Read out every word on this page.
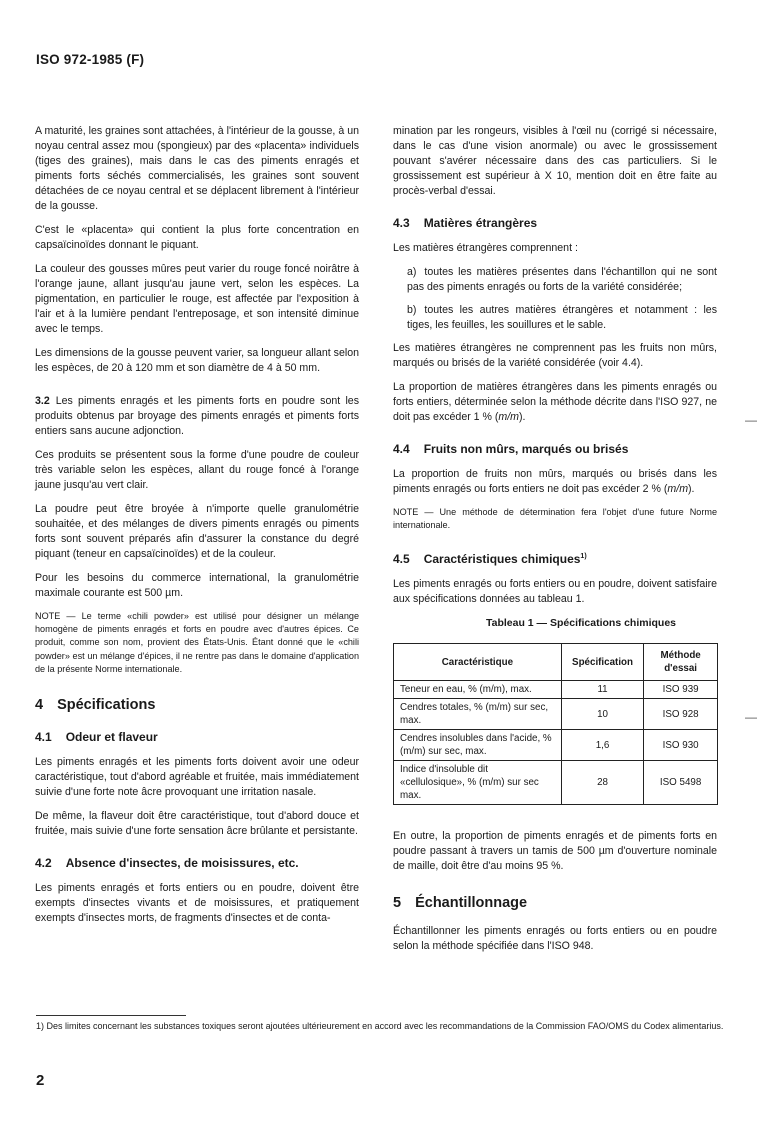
ISO 972-1985 (F)

A maturité, les graines sont attachées, à l'intérieur de la gousse, à un noyau central assez mou (spongieux) par des «placenta» individuels (tiges des graines), mais dans le cas des piments enragés et piments forts séchés commercialisés, les graines sont souvent détachées de ce noyau central et se déplacent librement à l'intérieur de la gousse.

C'est le «placenta» qui contient la plus forte concentration en capsaïcinoïdes donnant le piquant.

La couleur des gousses mûres peut varier du rouge foncé noirâtre à l'orange jaune, allant jusqu'au jaune vert, selon les espèces. La pigmentation, en particulier le rouge, est affectée par l'exposition à l'air et à la lumière pendant l'entreposage, et son intensité diminue avec le temps.

Les dimensions de la gousse peuvent varier, sa longueur allant selon les espèces, de 20 à 120 mm et son diamètre de 4 à 50 mm.

3.2 Les piments enragés et les piments forts en poudre sont les produits obtenus par broyage des piments enragés et piments forts entiers sans aucune adjonction.

Ces produits se présentent sous la forme d'une poudre de couleur très variable selon les espèces, allant du rouge foncé à l'orange jaune jusqu'au vert clair.

La poudre peut être broyée à n'importe quelle granulométrie souhaitée, et des mélanges de divers piments enragés ou piments forts sont souvent préparés afin d'assurer la constance du degré piquant (teneur en capsaïcinoïdes) et de la couleur.

Pour les besoins du commerce international, la granulométrie maximale courante est 500 µm.

NOTE — Le terme «chili powder» est utilisé pour désigner un mélange homogène de piments enragés et forts en poudre avec d'autres épices. Ce produit, comme son nom, provient des États-Unis. Étant donné que le «chili powder» est un mélange d'épices, il ne rentre pas dans le domaine d'application de la présente Norme internationale.
4 Spécifications
4.1 Odeur et flaveur

Les piments enragés et les piments forts doivent avoir une odeur caractéristique, tout d'abord agréable et fruitée, mais immédiatement suivie d'une forte note âcre provoquant une irritation nasale.

De même, la flaveur doit être caractéristique, tout d'abord douce et fruitée, mais suivie d'une forte sensation âcre brûlante et persistante.

4.2 Absence d'insectes, de moisissures, etc.

Les piments enragés et forts entiers ou en poudre, doivent être exempts d'insectes vivants et de moisissures, et pratiquement exempts d'insectes morts, de fragments d'insectes et de conta-

mination par les rongeurs, visibles à l'œil nu (corrigé si nécessaire, dans le cas d'une vision anormale) ou avec le grossissement pouvant s'avérer nécessaire dans des cas particuliers. Si le grossissement est supérieur à X 10, mention doit en être faite au procès-verbal d'essai.

4.3 Matières étrangères

Les matières étrangères comprennent :

a) toutes les matières présentes dans l'échantillon qui ne sont pas des piments enragés ou forts de la variété considérée;

b) toutes les autres matières étrangères et notamment : les tiges, les feuilles, les souillures et le sable.

Les matières étrangères ne comprennent pas les fruits non mûrs, marqués ou brisés de la variété considérée (voir 4.4).

La proportion de matières étrangères dans les piments enragés ou forts entiers, déterminée selon la méthode décrite dans l'ISO 927, ne doit pas excéder 1 % (m/m).

4.4 Fruits non mûrs, marqués ou brisés

La proportion de fruits non mûrs, marqués ou brisés dans les piments enragés ou forts entiers ne doit pas excéder 2 % (m/m).

NOTE — Une méthode de détermination fera l'objet d'une future Norme internationale.
4.5 Caractéristiques chimiques$^{1)}$

Les piments enragés ou forts entiers ou en poudre, doivent satisfaire aux spécifications données au tableau 1.

Tableau 1 — Spécifications chimiques
Caractéristique	Spécification	Méthode d'essai
Teneur en eau, % (m/m), max.	11	ISO 939
Cendres totales, % (m/m) sur sec, max.	10	ISO 928
Cendres insolubles dans l'acide, % (m/m) sur sec, max.	1,6	ISO 930
Indice d'insoluble dit «cellulosique», % (m/m) sur sec max.	28	ISO 5498

En outre, la proportion de piments enragés et de piments forts en poudre passant à travers un tamis de 500 µm d'ouverture nominale de maille, doit être d'au moins 95 %.

5 Échantillonnage

Échantillonner les piments enragés ou forts entiers ou en poudre selon la méthode spécifiée dans l'ISO 948.

—
—
1) Des limites concernant les substances toxiques seront ajoutées ultérieurement en accord avec les recommandations de la Commission FAO/OMS du Codex alimentarius.
2
